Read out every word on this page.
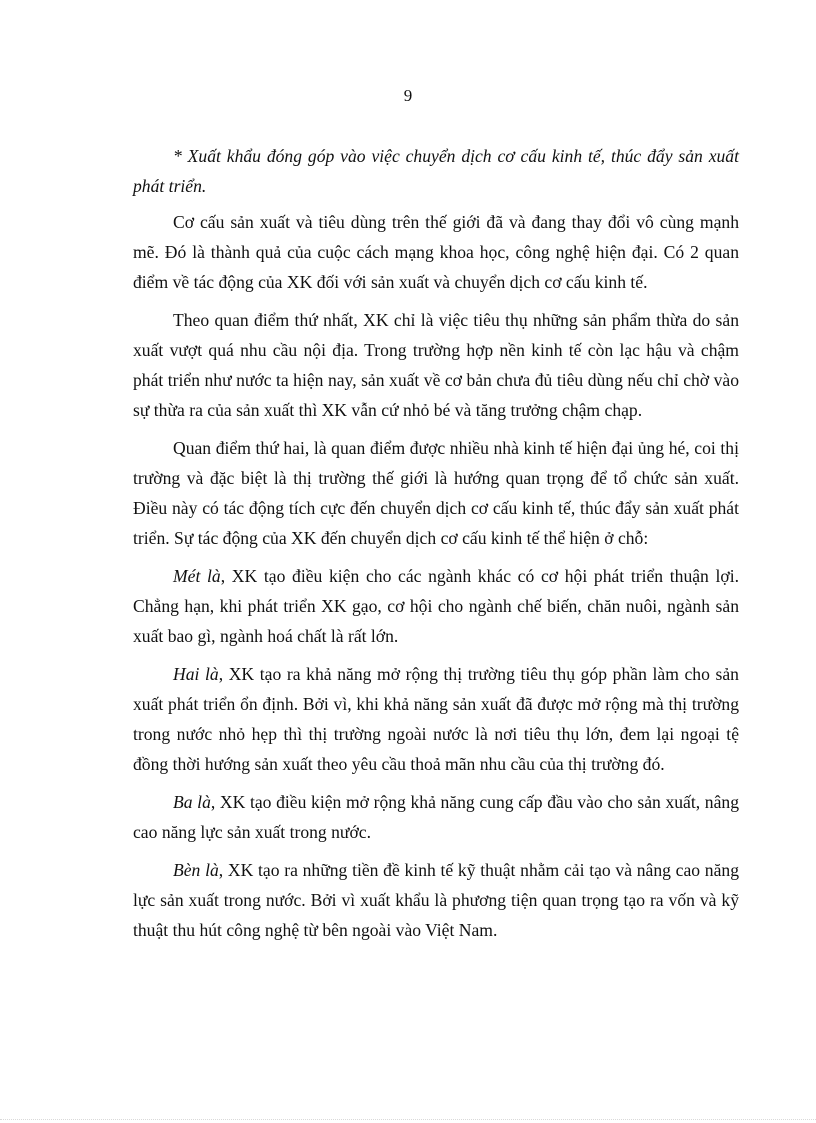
9

* Xuất khẩu đóng góp vào việc chuyển dịch cơ cấu kinh tế, thúc đẩy sản xuất phát triển.

Cơ cấu sản xuất và tiêu dùng trên thế giới đã và đang thay đổi vô cùng mạnh mẽ. Đó là thành quả của cuộc cách mạng khoa học, công nghệ hiện đại. Có 2 quan điểm về tác động của XK đối với sản xuất và chuyển dịch cơ cấu kinh tế.

Theo quan điểm thứ nhất, XK chỉ là việc tiêu thụ những sản phẩm thừa do sản xuất vượt quá nhu cầu nội địa. Trong trường hợp nền kinh tế còn lạc hậu và chậm phát triển như nước ta hiện nay, sản xuất về cơ bản chưa đủ tiêu dùng nếu chỉ chờ vào sự thừa ra của sản xuất thì XK vẫn cứ nhỏ bé và tăng trưởng chậm chạp.

Quan điểm thứ hai, là quan điểm được nhiều nhà kinh tế hiện đại ủng hé, coi thị trường và đặc biệt là thị trường thế giới là hướng quan trọng để tổ chức sản xuất. Điều này có tác động tích cực đến chuyển dịch cơ cấu kinh tế, thúc đẩy sản xuất phát triển. Sự tác động của XK đến chuyển dịch cơ cấu kinh tế thể hiện ở chỗ:

Mét là, XK tạo điều kiện cho các ngành khác có cơ hội phát triển thuận lợi. Chẳng hạn, khi phát triển XK gạo, cơ hội cho ngành chế biến, chăn nuôi, ngành sản xuất bao gì, ngành hoá chất là rất lớn.

Hai là, XK tạo ra khả năng mở rộng thị trường tiêu thụ góp phần làm cho sản xuất phát triển ổn định. Bởi vì, khi khả năng sản xuất đã được mở rộng mà thị trường trong nước nhỏ hẹp thì thị trường ngoài nước là nơi tiêu thụ lớn, đem lại ngoại tệ đồng thời hướng sản xuất theo yêu cầu thoả mãn nhu cầu của thị trường đó.

Ba là, XK tạo điều kiện mở rộng khả năng cung cấp đầu vào cho sản xuất, nâng cao năng lực sản xuất trong nước.

Bèn là, XK tạo ra những tiền đề kinh tế kỹ thuật nhằm cải tạo và nâng cao năng lực sản xuất trong nước. Bởi vì xuất khẩu là phương tiện quan trọng tạo ra vốn và kỹ thuật thu hút công nghệ từ bên ngoài vào Việt Nam.
